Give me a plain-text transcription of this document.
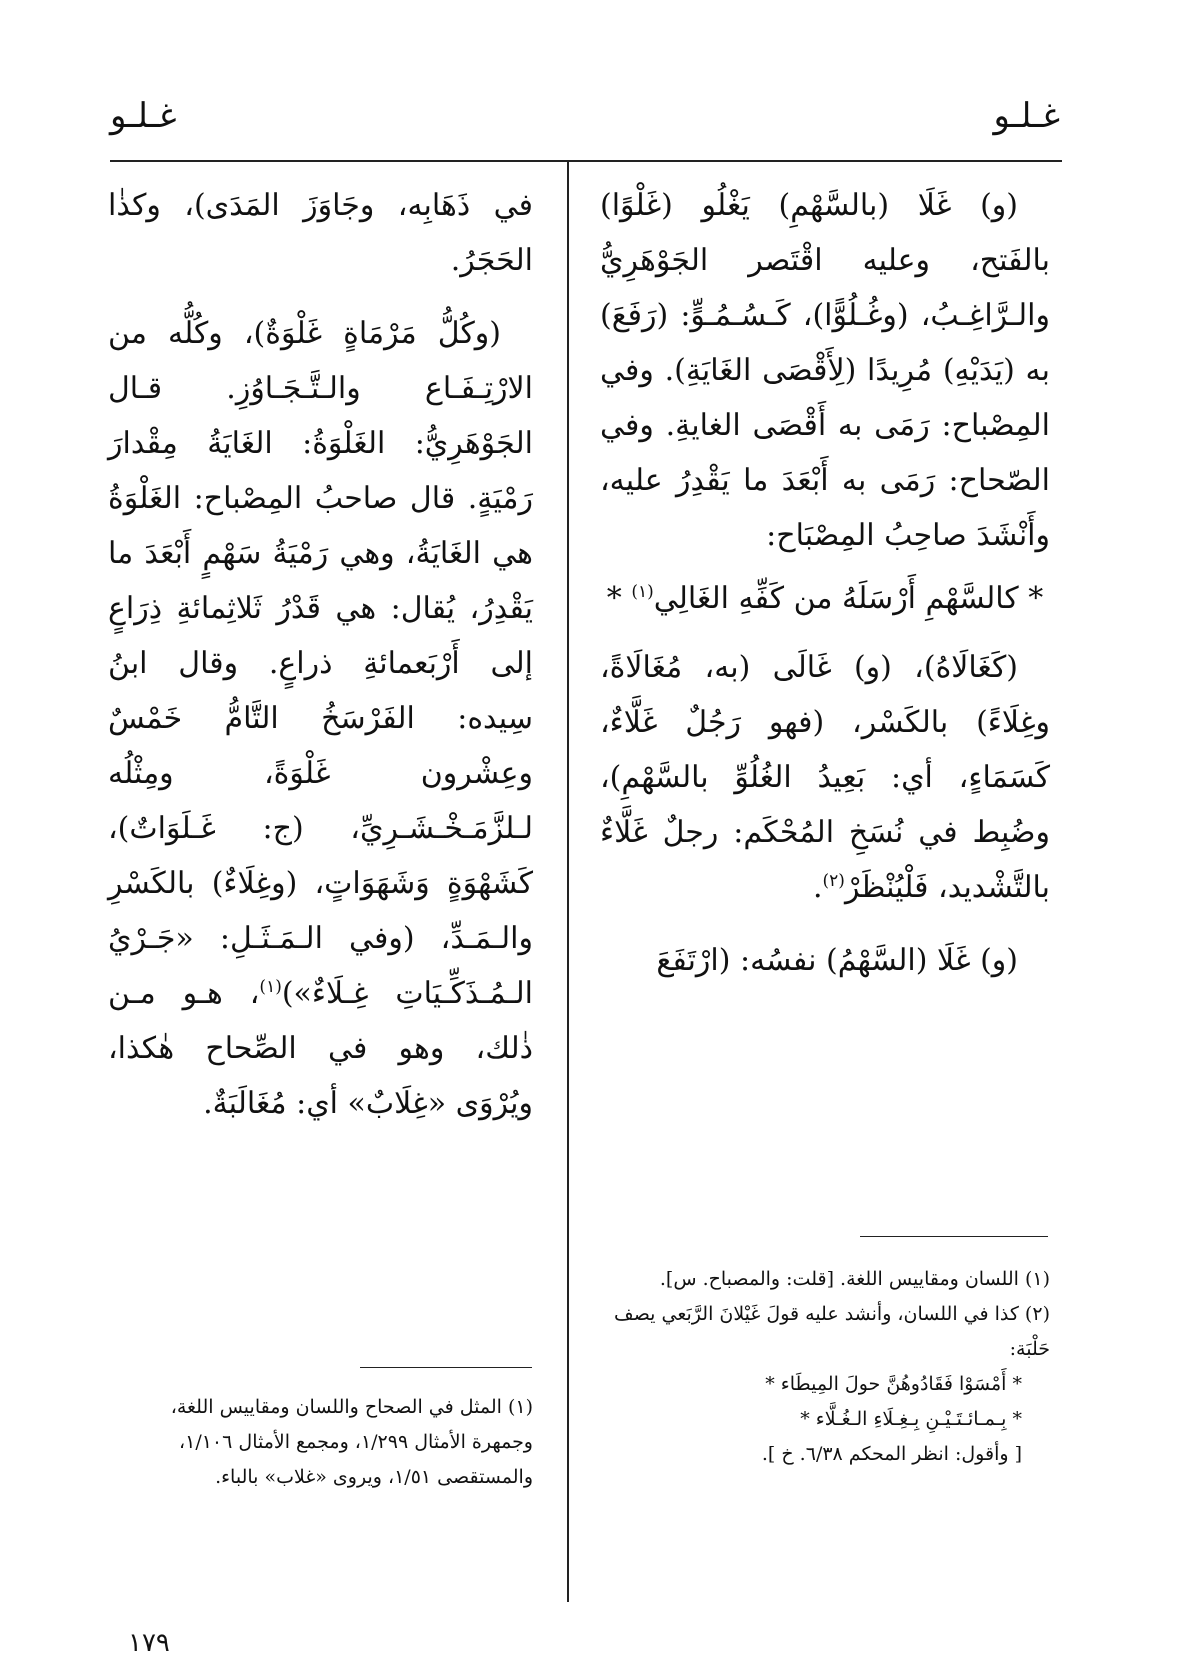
غـلـو
غـلـو

(و) غَلَا (بالسَّهْمِ) يَغْلُو (غَلْوًا) بالفَتح، وعليه اقْتَصر الجَوْهَرِيُّ والـرَّاغِـبُ، (وغُـلُوًّا)، كَـسُـمُـوٍّ: (رَفَعَ) به (يَدَيْهِ) مُرِيدًا (لِأَقْصَى الغَايَةِ). وفي المِصْباح: رَمَى به أَقْصَى الغايةِ. وفي الصّحاح: رَمَى به أَبْعَدَ ما يَقْدِرُ عليه، وأَنْشَدَ صاحِبُ المِصْبَاح:

* كالسَّهْمِ أَرْسَلَهُ من كَفِّهِ الغَالِي$^{(١)}$ *

(كَغَالَاهُ)، (و) غَالَى (به، مُغَالَاةً، وغِلَاءً) بالكَسْر، (فهو رَجُلٌ غَلَّاءٌ، كَسَمَاءٍ، أي: بَعِيدُ الغُلُوِّ بالسَّهْمِ)، وضُبِط في نُسَخِ المُحْكَم: رجلٌ غَلَّاءٌ بالتَّشْديد، فَلْيُنْظَرْ$^{(٢)}$.

(و) غَلَا (السَّهْمُ) نفسُه: (ارْتَفَعَ

في ذَهَابِه، وجَاوَزَ المَدَى)، وكذٰا الحَجَرُ.

(وكُلُّ مَرْمَاةٍ غَلْوَةٌ)، وكُلُّه من الارْتِـفَـاع والـتَّـجَـاوُزِ. قـال الجَوْهَرِيُّ: الغَلْوَةُ: الغَايَةُ مِقْدارَ رَمْيَةٍ. قال صاحبُ المِصْباح: الغَلْوَةُ هي الغَايَةُ، وهي رَمْيَةُ سَهْمٍ أَبْعَدَ ما يَقْدِرُ، يُقال: هي قَدْرُ ثَلاثِمائةِ ذِرَاعٍ إلى أَرْبَعمائةِ ذراعٍ. وقال ابنُ سِيده: الفَرْسَخُ التَّامُّ خَمْسٌ وعِشْرون غَلْوَةً، ومِثْلُه لـلزَّمَـخْـشَـرِيِّ، (ج: غَـلَوَاتٌ)، كَشَهْوَةٍ وَشَهَوَاتٍ، (وغِلَاءٌ) بالكَسْرِ والـمَـدِّ، (وفي الـمَـثَـلِ: «جَـرْيُ الـمُـذَكِّـيَاتِ غِـلَاءٌ»)$^{(١)}$، هـو مـن ذٰلك، وهو في الصِّحاح هٰكذا، ويُرْوَى «غِلَابٌ» أي: مُغَالَبَةٌ.

(١) اللسان ومقاييس اللغة. [قلت: والمصباح. س].

(٢) كذا في اللسان، وأنشد عليه قولَ غَيْلانَ الرَّبَعي يصف حَلْبَة:

* أَمْسَوْا فَقَادُوهُنَّ حولَ المِيطَاء *

* بِـمـائـتَـيْـنِ بِـغِـلَاءِ الـغُـلَّاء *

[ وأقول: انظر المحكم ٦/٣٨. خ ].

(١) المثل في الصحاح واللسان ومقاييس اللغة، وجمهرة الأمثال ١/٢٩٩، ومجمع الأمثال ١/١٠٦، والمستقصى ١/٥١، ويروى «غلاب» بالباء.

١٧٩
